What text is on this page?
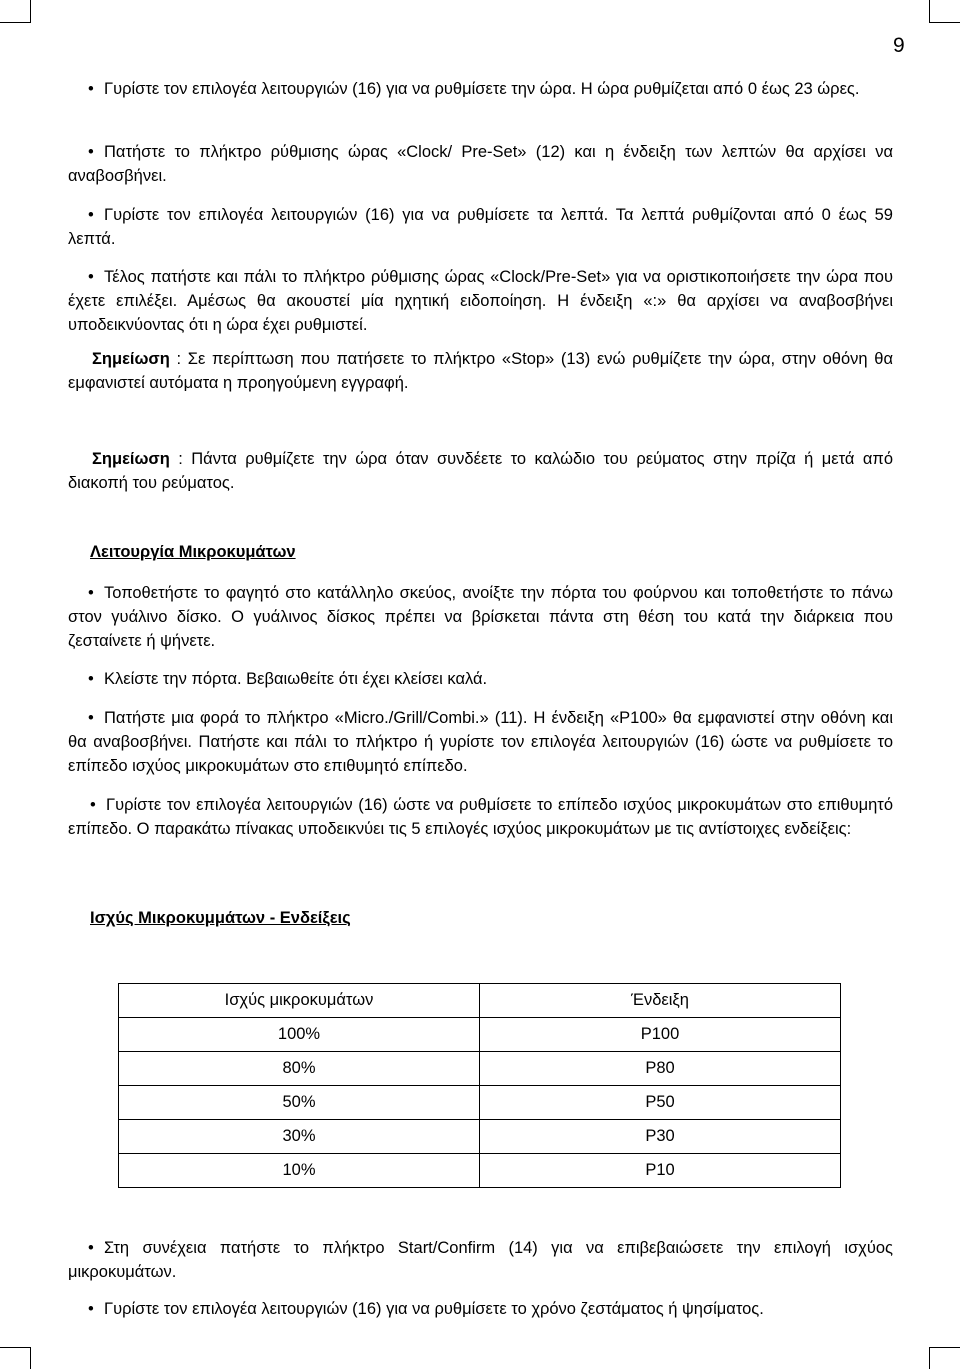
9

• Γυρίστε τον επιλογέα λειτουργιών (16) για να ρυθμίσετε την ώρα. Η ώρα ρυθμίζεται από 0 έως 23 ώρες.

• Πατήστε το πλήκτρο ρύθμισης ώρας «Clock/ Pre-Set» (12) και η ένδειξη των λεπτών θα αρχίσει να αναβοσβήνει.

• Γυρίστε τον επιλογέα λειτουργιών (16) για να ρυθμίσετε τα λεπτά. Τα λεπτά ρυθμίζονται από 0 έως 59 λεπτά.

• Τέλος πατήστε και πάλι το πλήκτρο ρύθμισης ώρας «Clock/Pre-Set» για να οριστικοποιήσετε την ώρα που έχετε επιλέξει. Αμέσως θα ακουστεί μία ηχητική ειδοποίηση. Η ένδειξη «:» θα αρχίσει να αναβοσβήνει υποδεικνύοντας ότι η ώρα έχει ρυθμιστεί.

Σημείωση : Σε περίπτωση που πατήσετε το πλήκτρο «Stop» (13) ενώ ρυθμίζετε την ώρα, στην οθόνη θα εμφανιστεί αυτόματα η προηγούμενη εγγραφή.

Σημείωση : Πάντα ρυθμίζετε την ώρα όταν συνδέετε το καλώδιο του ρεύματος στην πρίζα ή μετά από διακοπή του ρεύματος.

Λειτουργία Μικροκυμάτων

• Τοποθετήστε το φαγητό στο κατάλληλο σκεύος, ανοίξτε την πόρτα του φούρνου και τοποθετήστε το πάνω στον γυάλινο δίσκο. Ο γυάλινος δίσκος πρέπει να βρίσκεται πάντα στη θέση του κατά την διάρκεια που ζεσταίνετε ή ψήνετε.

• Κλείστε την πόρτα. Βεβαιωθείτε ότι έχει κλείσει καλά.

• Πατήστε μια φορά το πλήκτρο «Micro./Grill/Combi.» (11). Η ένδειξη «P100» θα εμφανιστεί στην οθόνη και θα αναβοσβήνει. Πατήστε και πάλι το πλήκτρο ή γυρίστε τον επιλογέα λειτουργιών (16) ώστε να ρυθμίσετε το επίπεδο ισχύος μικροκυμάτων στο επιθυμητό επίπεδο.

• Γυρίστε τον επιλογέα λειτουργιών (16) ώστε να ρυθμίσετε το επίπεδο ισχύος μικροκυμάτων στο επιθυμητό επίπεδο. Ο παρακάτω πίνακας υποδεικνύει τις 5 επιλογές ισχύος μικροκυμάτων με τις αντίστοιχες ενδείξεις:

Ισχύς Μικροκυμμάτων - Ενδείξεις
Ισχύς μικροκυμάτων	Ένδειξη
100%	P100
80%	P80
50%	P50
30%	P30
10%	P10

• Στη συνέχεια πατήστε το πλήκτρο Start/Confirm (14) για να επιβεβαιώσετε την επιλογή ισχύος μικροκυμάτων.

• Γυρίστε τον επιλογέα λειτουργιών (16) για να ρυθμίσετε το χρόνο ζεστάματος ή ψησίματος.
